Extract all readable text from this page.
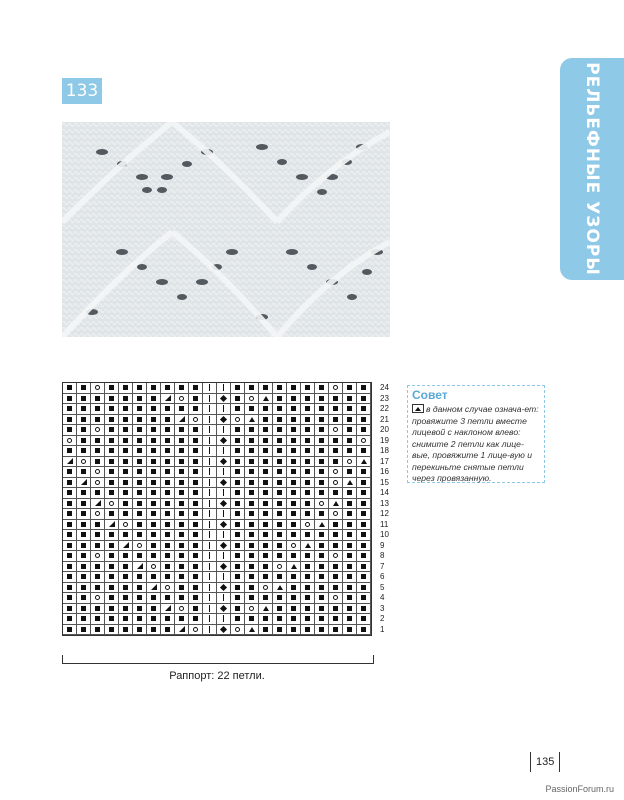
133	РЕЛЬЕФНЫЕ УЗОРЫ
24
23
22
21
20
19
18
17
16
15
14
13
12
11
10
9
8
7
6
5
4
3
2
1
Раппорт: 22 петли.
Совет
в данном случае означа-ет: провяжите 3 петли вместе лицевой с наклоном влево: снимите 2 петли как лице-вые, провяжите 1 лице-вую и перекиньте снятые петли через провязанную.
135
PassionForum.ru
